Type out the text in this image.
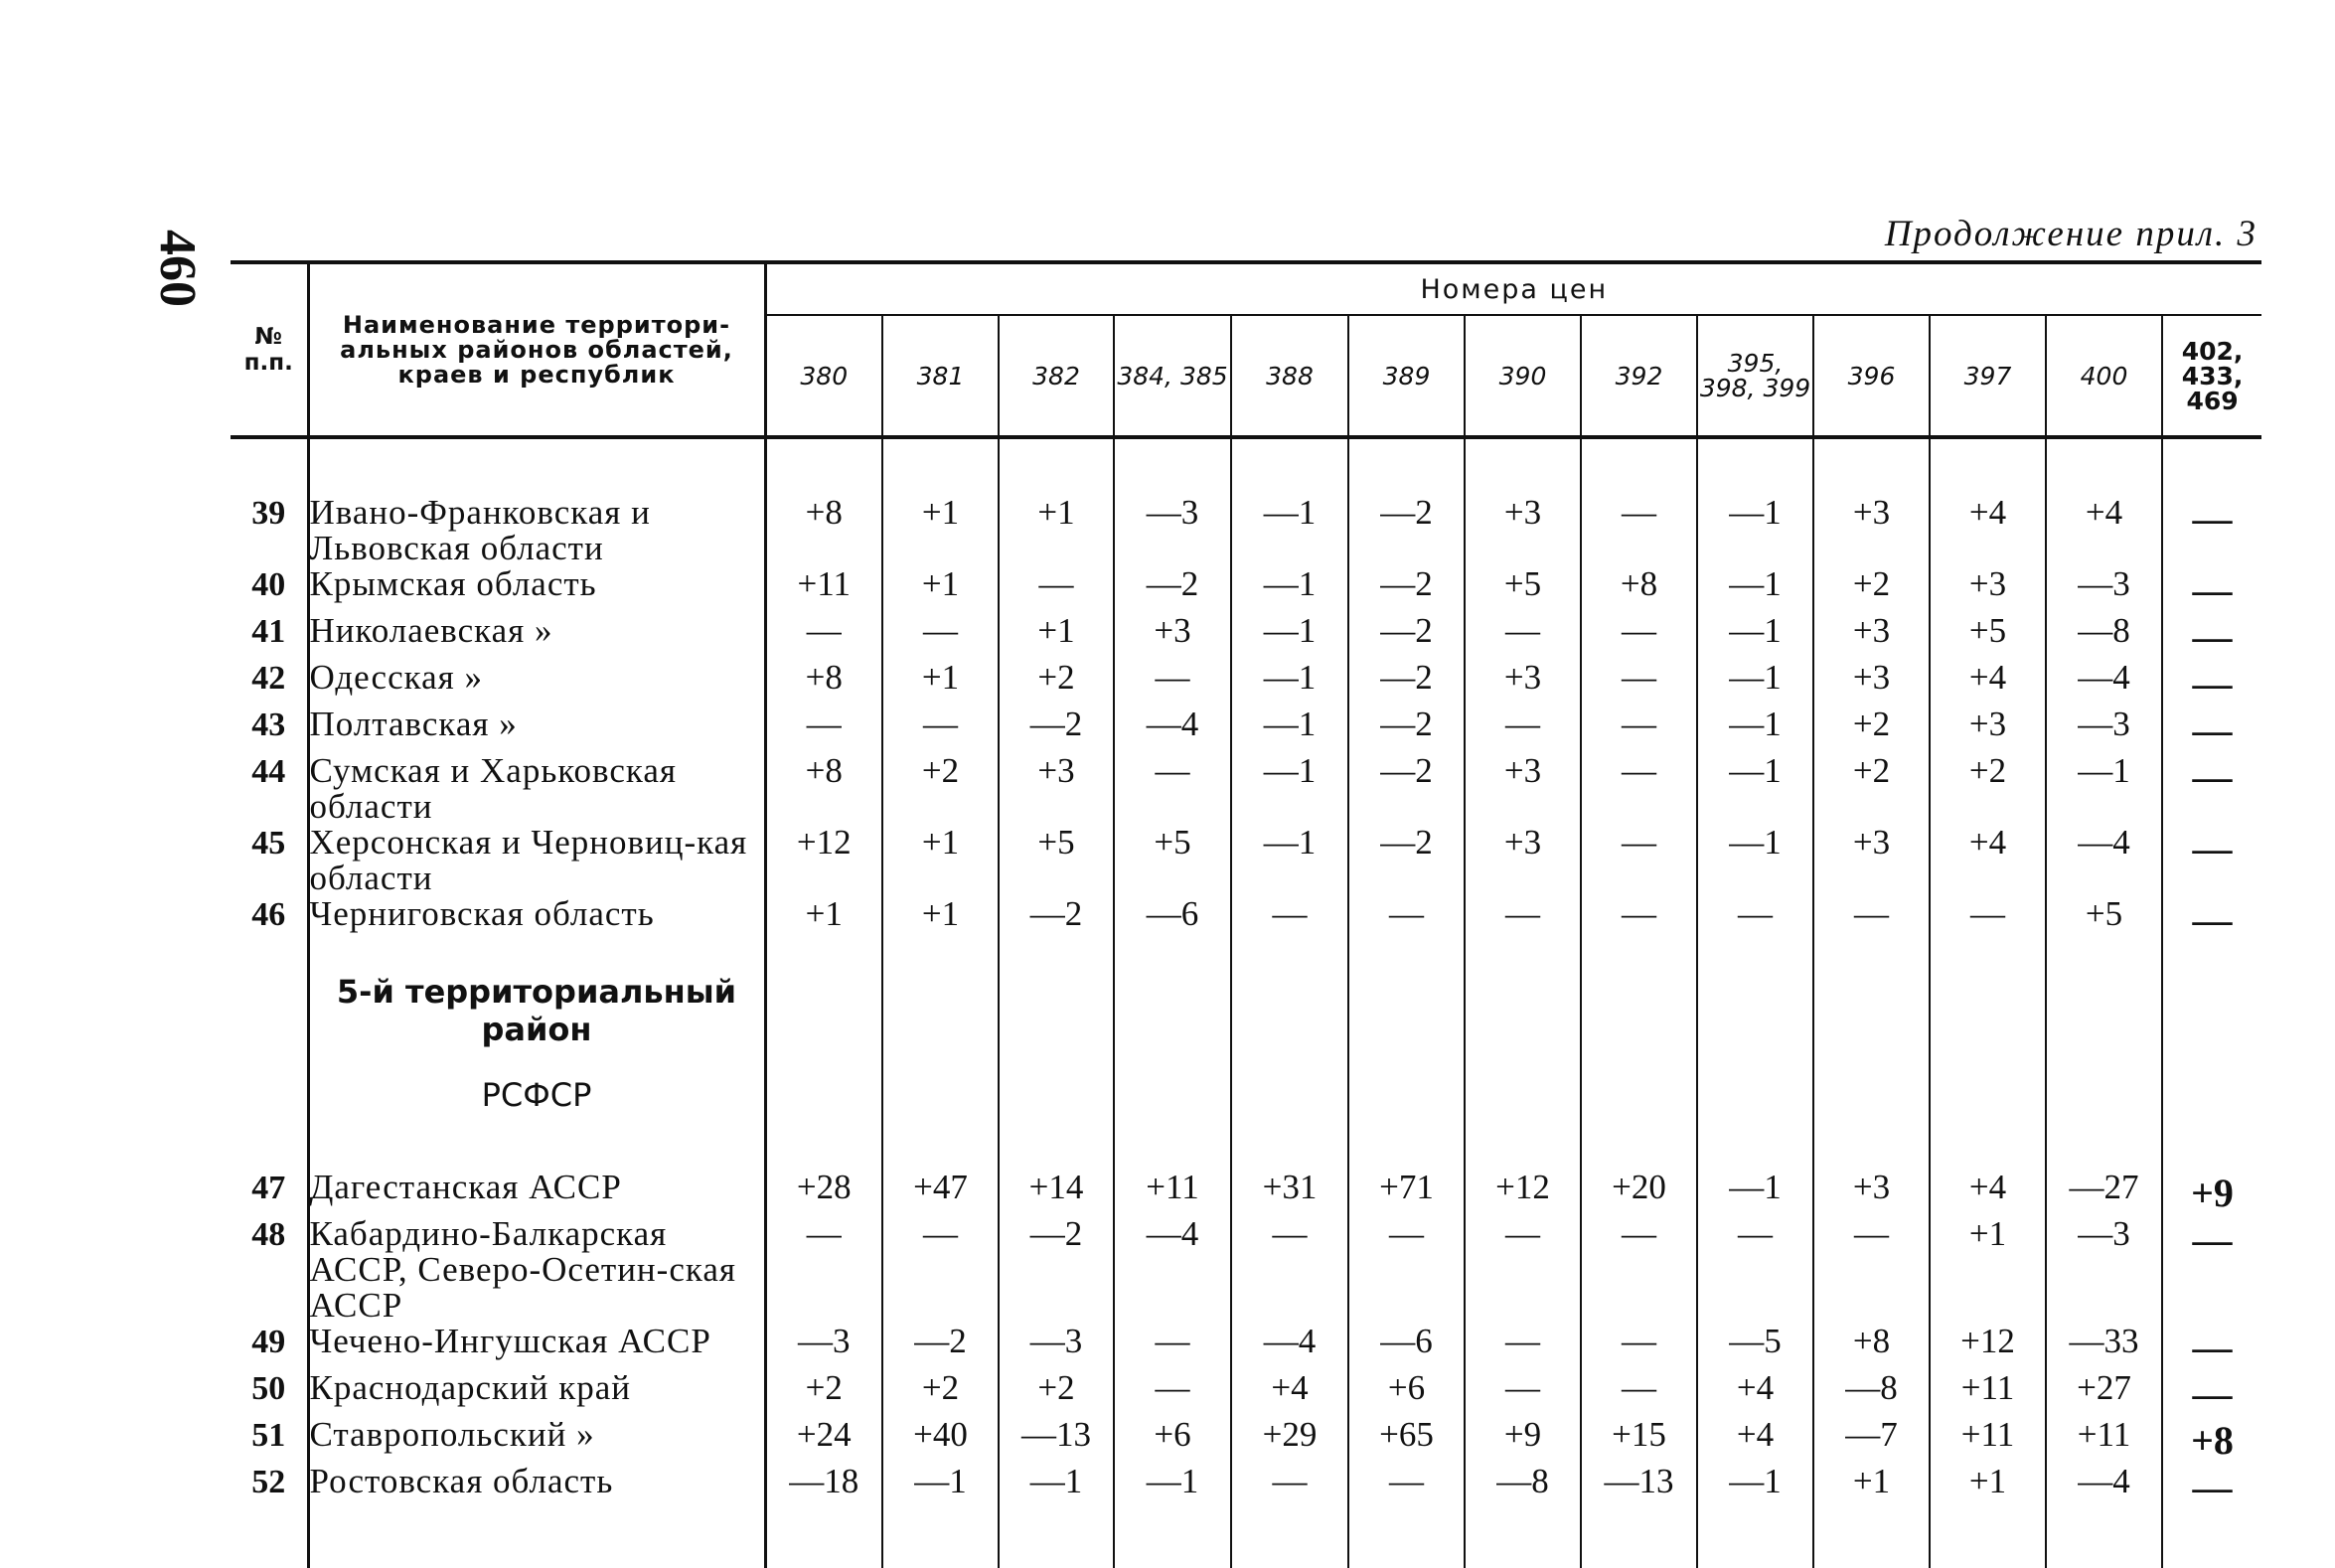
460	Продолжение прил. 3
№ п.п.	Наименование территори-альных районов областей, краев и республик	Номера цен												
		380	381	382	384, 385	388	389	390	392	395, 398, 399	396	397	400	402, 433, 469

39	Ивано-Франковская и Львовская области	+8	+1	+1	—3	—1	—2	+3	—	—1	+3	+4	+4	—
40	Крымская область	+11	+1	—	—2	—1	—2	+5	+8	—1	+2	+3	—3	—
41	Николаевская »	—	—	+1	+3	—1	—2	—	—	—1	+3	+5	—8	—
42	Одесская »	+8	+1	+2	—	—1	—2	+3	—	—1	+3	+4	—4	—
43	Полтавская »	—	—	—2	—4	—1	—2	—	—	—1	+2	+3	—3	—
44	Сумская и Харьковская области	+8	+2	+3	—	—1	—2	+3	—	—1	+2	+2	—1	—
45	Херсонская и Черновиц-кая области	+12	+1	+5	+5	—1	—2	+3	—	—1	+3	+4	—4	—
46	Черниговская область	+1	+1	—2	—6	—	—	—	—	—	—	—	+5	—

	5-й территориальный район
РСФСР													

47	Дагестанская АССР	+28	+47	+14	+11	+31	+71	+12	+20	—1	+3	+4	—27	+9
48	Кабардино-Балкарская АССР, Северо-Осетин-ская АССР	—	—	—2	—4	—	—	—	—	—	—	+1	—3	—
49	Чечено-Ингушская АССР	—3	—2	—3	—	—4	—6	—	—	—5	+8	+12	—33	—
50	Краснодарский край	+2	+2	+2	—	+4	+6	—	—	+4	—8	+11	+27	—
51	Ставропольский »	+24	+40	—13	+6	+29	+65	+9	+15	+4	—7	+11	+11	+8
52	Ростовская область	—18	—1	—1	—1	—	—	—8	—13	—1	+1	+1	—4	—
